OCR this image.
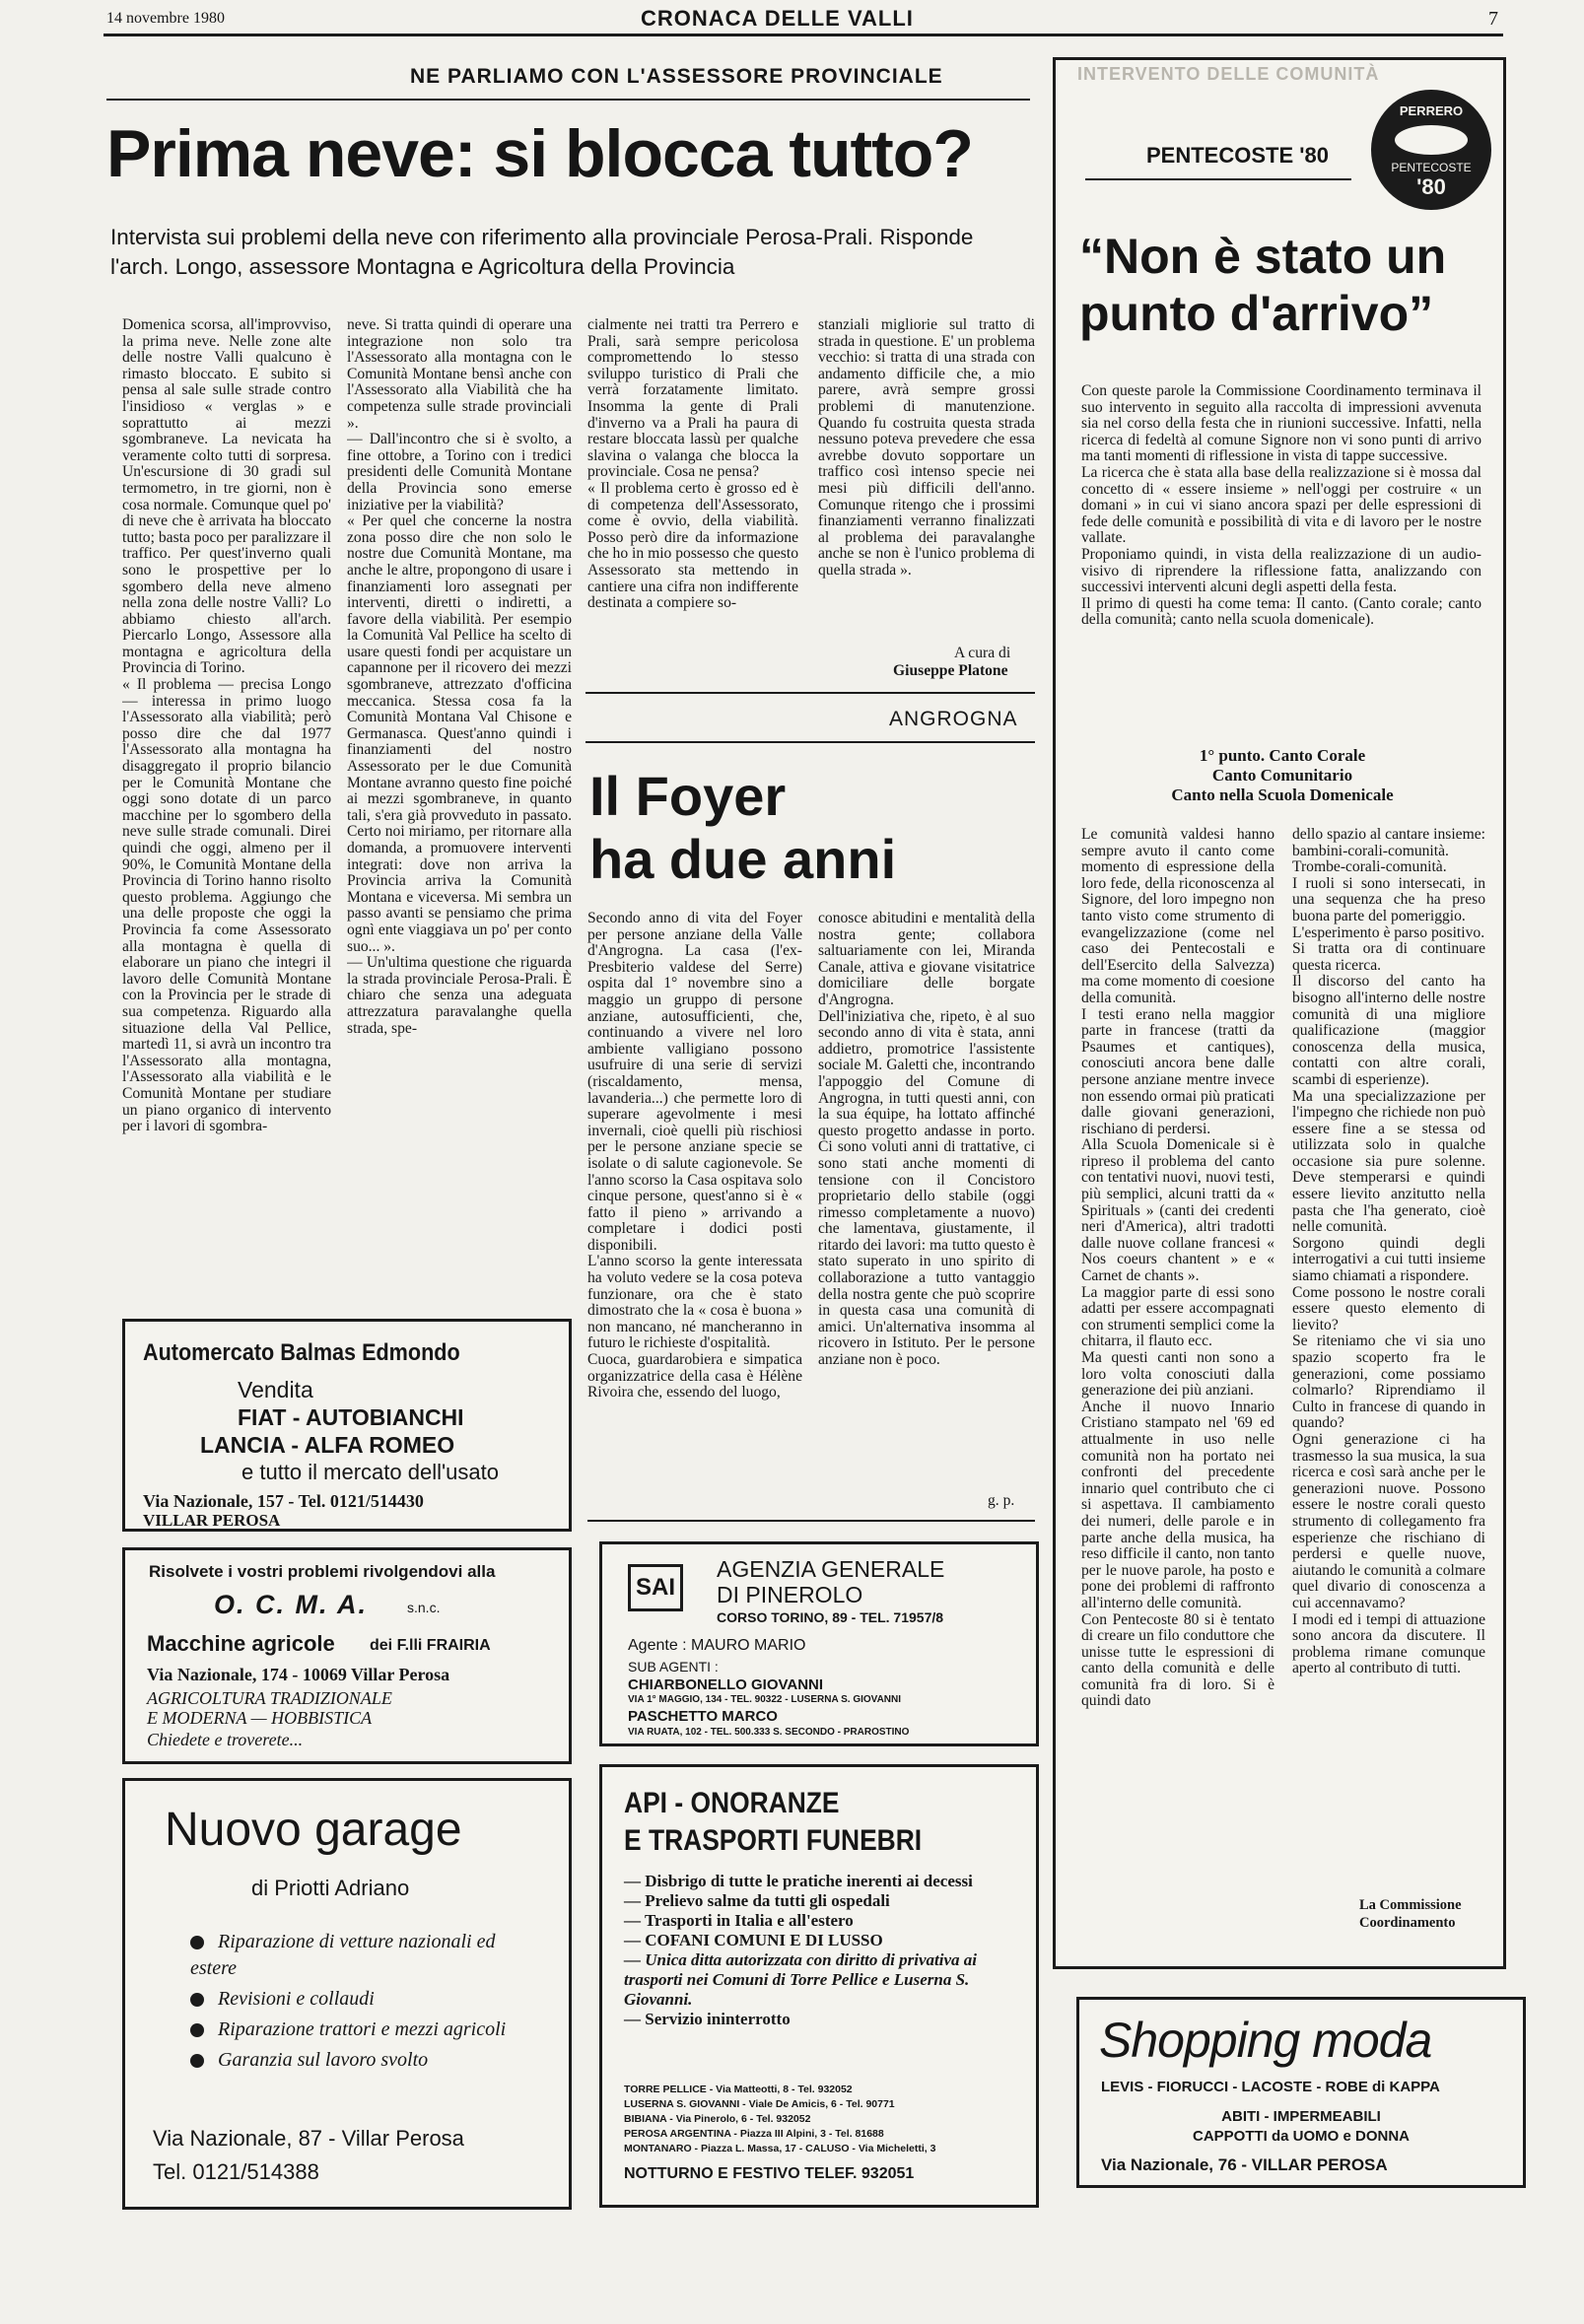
14 novembre 1980	CRONACA DELLE VALLI	7
NE PARLIAMO CON L'ASSESSORE PROVINCIALE
Prima neve: si blocca tutto?
Intervista sui problemi della neve con riferimento alla provinciale Perosa-Prali. Risponde l'arch. Longo, assessore Montagna e Agricoltura della Provincia
Domenica scorsa, all'improvviso, la prima neve. Nelle zone alte delle nostre Valli qualcuno è rimasto bloccato. E subito si pensa al sale sulle strade contro l'insidioso « verglas » e soprattutto ai mezzi sgombraneve. La nevicata ha veramente colto tutti di sorpresa. Un'escursione di 30 gradi sul termometro, in tre giorni, non è cosa normale. Comunque quel po' di neve che è arrivata ha bloccato tutto; basta poco per paralizzare il traffico. Per quest'inverno quali sono le prospettive per lo sgombero della neve almeno nella zona delle nostre Valli? Lo abbiamo chiesto all'arch. Piercarlo Longo, Assessore alla montagna e agricoltura della Provincia di Torino.
« Il problema — precisa Longo — interessa in primo luogo l'Assessorato alla viabilità; però posso dire che dal 1977 l'Assessorato alla montagna ha disaggregato il proprio bilancio per le Comunità Montane che oggi sono dotate di un parco macchine per lo sgombero della neve sulle strade comunali. Direi quindi che oggi, almeno per il 90%, le Comunità Montane della Provincia di Torino hanno risolto questo problema. Aggiungo che una delle proposte che oggi la Provincia fa come Assessorato alla montagna è quella di elaborare un piano che integri il lavoro delle Comunità Montane con la Provincia per le strade di sua competenza. Riguardo alla situazione della Val Pellice, martedì 11, si avrà un incontro tra l'Assessorato alla montagna, l'Assessorato alla viabilità e le Comunità Montane per studiare un piano organico di intervento per i lavori di sgombra-
neve. Si tratta quindi di operare una integrazione non solo tra l'Assessorato alla montagna con le Comunità Montane bensì anche con l'Assessorato alla Viabilità che ha competenza sulle strade provinciali ».
— Dall'incontro che si è svolto, a fine ottobre, a Torino con i tredici presidenti delle Comunità Montane della Provincia sono emerse iniziative per la viabilità?
« Per quel che concerne la nostra zona posso dire che non solo le nostre due Comunità Montane, ma anche le altre, propongono di usare i finanziamenti loro assegnati per interventi, diretti o indiretti, a favore della viabilità. Per esempio la Comunità Val Pellice ha scelto di usare questi fondi per acquistare un capannone per il ricovero dei mezzi sgombraneve, attrezzato d'officina meccanica. Stessa cosa fa la Comunità Montana Val Chisone e Germanasca. Quest'anno quindi i finanziamenti del nostro Assessorato per le due Comunità Montane avranno questo fine poiché ai mezzi sgombraneve, in quanto tali, s'era già provveduto in passato. Certo noi miriamo, per ritornare alla domanda, a promuovere interventi integrati: dove non arriva la Provincia arriva la Comunità Montana e viceversa. Mi sembra un passo avanti se pensiamo che prima ognì ente viaggiava un po' per conto suo... ».
— Un'ultima questione che riguarda la strada provinciale Perosa-Prali. È chiaro che senza una adeguata attrezzatura paravalanghe quella strada, spe-
cialmente nei tratti tra Perrero e Prali, sarà sempre pericolosa compromettendo lo stesso sviluppo turistico di Prali che verrà forzatamente limitato. Insomma la gente di Prali d'inverno va a Prali ha paura di restare bloccata lassù per qualche slavina o valanga che blocca la provinciale. Cosa ne pensa?
« Il problema certo è grosso ed è di competenza dell'Assessorato, come è ovvio, della viabilità. Posso però dire da informazione che ho in mio possesso che questo Assessorato sta mettendo in cantiere una cifra non indifferente destinata a compiere so-
stanziali migliorie sul tratto di strada in questione. E' un problema vecchio: si tratta di una strada con andamento difficile che, a mio parere, avrà sempre grossi problemi di manutenzione. Quando fu costruita questa strada nessuno poteva prevedere che essa avrebbe dovuto sopportare un traffico così intenso specie nei mesi più difficili dell'anno. Comunque ritengo che i prossimi finanziamenti verranno finalizzati al problema dei paravalanghe anche se non è l'unico problema di quella strada ».
A cura di
Giuseppe Platone
ANGROGNA
Il Foyer
ha due anni
Secondo anno di vita del Foyer per persone anziane della Valle d'Angrogna. La casa (l'ex-Presbiterio valdese del Serre) ospita dal 1° novembre sino a maggio un gruppo di persone anziane, autosufficienti, che, continuando a vivere nel loro ambiente valligiano possono usufruire di una serie di servizi (riscaldamento, mensa, lavanderia...) che permette loro di superare agevolmente i mesi invernali, cioè quelli più rischiosi per le persone anziane specie se isolate o di salute cagionevole. Se l'anno scorso la Casa ospitava solo cinque persone, quest'anno si è « fatto il pieno » arrivando a completare i dodici posti disponibili.
L'anno scorso la gente interessata ha voluto vedere se la cosa poteva funzionare, ora che è stato dimostrato che la « cosa è buona » non mancano, né mancheranno in futuro le richieste d'ospitalità.
Cuoca, guardarobiera e simpatica organizzatrice della casa è Hélène Rivoira che, essendo del luogo,
conosce abitudini e mentalità della nostra gente; collabora saltuariamente con lei, Miranda Canale, attiva e giovane visitatrice domiciliare delle borgate d'Angrogna.
Dell'iniziativa che, ripeto, è al suo secondo anno di vita è stata, anni addietro, promotrice l'assistente sociale M. Galetti che, incontrando l'appoggio del Comune di Angrogna, in tutti questi anni, con la sua équipe, ha lottato affinché questo progetto andasse in porto. Ci sono voluti anni di trattative, ci sono stati anche momenti di tensione con il Concistoro proprietario dello stabile (oggi rimesso completamente a nuovo) che lamentava, giustamente, il ritardo dei lavori: ma tutto questo è stato superato in uno spirito di collaborazione a tutto vantaggio della nostra gente che può scoprire in questa casa una comunità di amici. Un'alternativa insomma al ricovero in Istituto. Per le persone anziane non è poco.
g. p.
INTERVENTO DELLE COMUNITÀ
PENTECOSTE '80
PERRERO
PENTECOSTE
'80
“Non è stato un punto d'arrivo”
Con queste parole la Commissione Coordinamento terminava il suo intervento in seguito alla raccolta di impressioni avvenuta sia nel corso della festa che in riunioni successive. Infatti, nella ricerca di fedeltà al comune Signore non vi sono punti di arrivo ma tanti momenti di riflessione in vista di tappe successive.
La ricerca che è stata alla base della realizzazione si è mossa dal concetto di « essere insieme » nell'oggi per costruire « un domani » in cui vi siano ancora spazi per delle espressioni di fede delle comunità e possibilità di vita e di lavoro per le nostre vallate.
Proponiamo quindi, in vista della realizzazione di un audio-visivo di riprendere la riflessione fatta, analizzando con successivi interventi alcuni degli aspetti della festa.
Il primo di questi ha come tema: Il canto. (Canto corale; canto della comunità; canto nella scuola domenicale).
1° punto. Canto Corale
Canto Comunitario
Canto nella Scuola Domenicale
Le comunità valdesi hanno sempre avuto il canto come momento di espressione della loro fede, della riconoscenza al Signore, del loro impegno non tanto visto come strumento di evangelizzazione (come nel caso dei Pentecostali e dell'Esercito della Salvezza) ma come momento di coesione della comunità.
I testi erano nella maggior parte in francese (tratti da Psaumes et cantiques), conosciuti ancora bene dalle persone anziane mentre invece non essendo ormai più praticati dalle giovani generazioni, rischiano di perdersi.
Alla Scuola Domenicale si è ripreso il problema del canto con tentativi nuovi, nuovi testi, più semplici, alcuni tratti da « Spirituals » (canti dei credenti neri d'America), altri tradotti dalle nuove collane francesi « Nos coeurs chantent » e « Carnet de chants ».
La maggior parte di essi sono adatti per essere accompagnati con strumenti semplici come la chitarra, il flauto ecc.
Ma questi canti non sono a loro volta conosciuti dalla generazione dei più anziani.
Anche il nuovo Innario Cristiano stampato nel '69 ed attualmente in uso nelle comunità non ha portato nei confronti del precedente innario quel contributo che ci si aspettava. Il cambiamento dei numeri, delle parole e in parte anche della musica, ha reso difficile il canto, non tanto per le nuove parole, ha posto e pone dei problemi di raffronto all'interno delle comunità.
Con Pentecoste 80 si è tentato di creare un filo conduttore che unisse tutte le espressioni di canto della comunità e delle comunità fra di loro. Si è quindi dato
dello spazio al cantare insieme: bambini-corali-comunità. Trombe-corali-comunità.
I ruoli si sono intersecati, in una sequenza che ha preso buona parte del pomeriggio.
L'esperimento è parso positivo.
Si tratta ora di continuare questa ricerca.
Il discorso del canto ha bisogno all'interno delle nostre comunità di una migliore qualificazione (maggior conoscenza della musica, contatti con altre corali, scambi di esperienze).
Ma una specializzazione per l'impegno che richiede non può essere fine a se stessa od utilizzata solo in qualche occasione sia pure solenne. Deve stemperarsi e quindi essere lievito anzitutto nella pasta che l'ha generato, cioè nelle comunità.
Sorgono quindi degli interrogativi a cui tutti insieme siamo chiamati a rispondere.
Come possono le nostre corali essere questo elemento di lievito?
Se riteniamo che vi sia uno spazio scoperto fra le generazioni, come possiamo colmarlo? Riprendiamo il Culto in francese di quando in quando?
Ogni generazione ci ha trasmesso la sua musica, la sua ricerca e così sarà anche per le generazioni nuove. Possono essere le nostre corali questo strumento di collegamento fra esperienze che rischiano di perdersi e quelle nuove, aiutando le comunità a colmare quel divario di conoscenza a cui accennavamo?
I modi ed i tempi di attuazione sono ancora da discutere. Il problema rimane comunque aperto al contributo di tutti.
La Commissione
Coordinamento
Automercato Balmas Edmondo
Vendita
FIAT - AUTOBIANCHI
LANCIA - ALFA ROMEO
e tutto il mercato dell'usato
Via Nazionale, 157 - Tel. 0121/514430
VILLAR PEROSA
Risolvete i vostri problemi rivolgendovi alla
O. C. M. A.	s.n.c.
Macchine agricole dei F.lli FRAIRIA
Via Nazionale, 174 - 10069 Villar Perosa
AGRICOLTURA TRADIZIONALE
E MODERNA — HOBBISTICA
Chiedete e troverete...
SAI
AGENZIA GENERALE
DI PINEROLO
CORSO TORINO, 89 - TEL. 71957/8
Agente : MAURO MARIO
SUB AGENTI :
CHIARBONELLO GIOVANNI
VIA 1° MAGGIO, 134 - TEL. 90322 - LUSERNA S. GIOVANNI
PASCHETTO MARCO
VIA RUATA, 102 - TEL. 500.333 S. SECONDO - PRAROSTINO
Nuovo garage
di Priotti Adriano
Riparazione di vetture nazionali ed estere
Revisioni e collaudi
Riparazione trattori e mezzi agricoli
Garanzia sul lavoro svolto
Via Nazionale, 87 - Villar Perosa
Tel. 0121/514388
API - ONORANZE
E TRASPORTI FUNEBRI
— Disbrigo di tutte le pratiche inerenti ai decessi
— Prelievo salme da tutti gli ospedali
— Trasporti in Italia e all'estero
— COFANI COMUNI E DI LUSSO
— Unica ditta autorizzata con diritto di privativa ai trasporti nei Comuni di Torre Pellice e Luserna S. Giovanni.
— Servizio ininterrotto
TORRE PELLICE - Via Matteotti, 8 - Tel. 932052
LUSERNA S. GIOVANNI - Viale De Amicis, 6 - Tel. 90771
BIBIANA - Via Pinerolo, 6 - Tel. 932052
PEROSA ARGENTINA - Piazza III Alpini, 3 - Tel. 81688
MONTANARO - Piazza L. Massa, 17 - CALUSO - Via Micheletti, 3
NOTTURNO E FESTIVO TELEF. 932051
Shopping moda
LEVIS - FIORUCCI - LACOSTE - ROBE di KAPPA
ABITI - IMPERMEABILI
CAPPOTTI da UOMO e DONNA
Via Nazionale, 76 - VILLAR PEROSA
